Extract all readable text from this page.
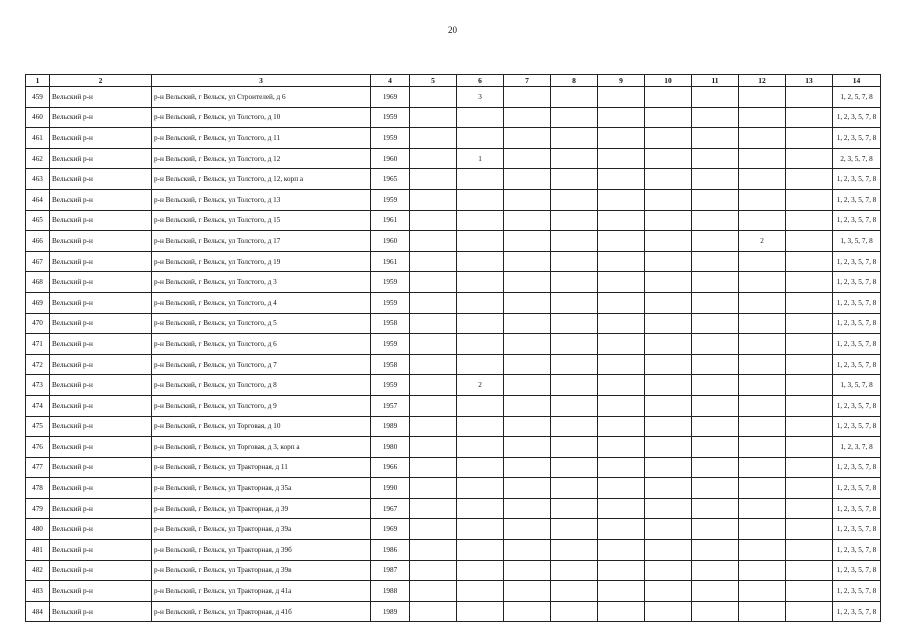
20
1	2	3	4	5	6	7	8	9	10	11	12	13	14
459	Вельский р-н	р-н Вельский, г Вельск, ул Строителей, д 6	1969		3								1, 2, 5, 7, 8
460	Вельский р-н	р-н Вельский, г Вельск, ул Толстого, д 10	1959										1, 2, 3, 5, 7, 8
461	Вельский р-н	р-н Вельский, г Вельск, ул Толстого, д 11	1959										1, 2, 3, 5, 7, 8
462	Вельский р-н	р-н Вельский, г Вельск, ул Толстого, д 12	1960		1								2, 3, 5, 7, 8
463	Вельский р-н	р-н Вельский, г Вельск, ул Толстого, д 12, корп а	1965										1, 2, 3, 5, 7, 8
464	Вельский р-н	р-н Вельский, г Вельск, ул Толстого, д 13	1959										1, 2, 3, 5, 7, 8
465	Вельский р-н	р-н Вельский, г Вельск, ул Толстого, д 15	1961										1, 2, 3, 5, 7, 8
466	Вельский р-н	р-н Вельский, г Вельск, ул Толстого, д 17	1960								2		1, 3, 5, 7, 8
467	Вельский р-н	р-н Вельский, г Вельск, ул Толстого, д 19	1961										1, 2, 3, 5, 7, 8
468	Вельский р-н	р-н Вельский, г Вельск, ул Толстого, д 3	1959										1, 2, 3, 5, 7, 8
469	Вельский р-н	р-н Вельский, г Вельск, ул Толстого, д 4	1959										1, 2, 3, 5, 7, 8
470	Вельский р-н	р-н Вельский, г Вельск, ул Толстого, д 5	1958										1, 2, 3, 5, 7, 8
471	Вельский р-н	р-н Вельский, г Вельск, ул Толстого, д 6	1959										1, 2, 3, 5, 7, 8
472	Вельский р-н	р-н Вельский, г Вельск, ул Толстого, д 7	1958										1, 2, 3, 5, 7, 8
473	Вельский р-н	р-н Вельский, г Вельск, ул Толстого, д 8	1959		2								1, 3, 5, 7, 8
474	Вельский р-н	р-н Вельский, г Вельск, ул Толстого, д 9	1957										1, 2, 3, 5, 7, 8
475	Вельский р-н	р-н Вельский, г Вельск, ул Торговая, д 10	1989										1, 2, 3, 5, 7, 8
476	Вельский р-н	р-н Вельский, г Вельск, ул Торговая, д 3, корп а	1980										1, 2, 3, 7, 8
477	Вельский р-н	р-н Вельский, г Вельск, ул Тракторная, д 11	1966										1, 2, 3, 5, 7, 8
478	Вельский р-н	р-н Вельский, г Вельск, ул Тракторная, д 35а	1990										1, 2, 3, 5, 7, 8
479	Вельский р-н	р-н Вельский, г Вельск, ул Тракторная, д 39	1967										1, 2, 3, 5, 7, 8
480	Вельский р-н	р-н Вельский, г Вельск, ул Тракторная, д 39а	1969										1, 2, 3, 5, 7, 8
481	Вельский р-н	р-н Вельский, г Вельск, ул Тракторная, д 39б	1986										1, 2, 3, 5, 7, 8
482	Вельский р-н	р-н Вельский, г Вельск, ул Тракторная, д 39в	1987										1, 2, 3, 5, 7, 8
483	Вельский р-н	р-н Вельский, г Вельск, ул Тракторная, д 41а	1988										1, 2, 3, 5, 7, 8
484	Вельский р-н	р-н Вельский, г Вельск, ул Тракторная, д 41б	1989										1, 2, 3, 5, 7, 8
